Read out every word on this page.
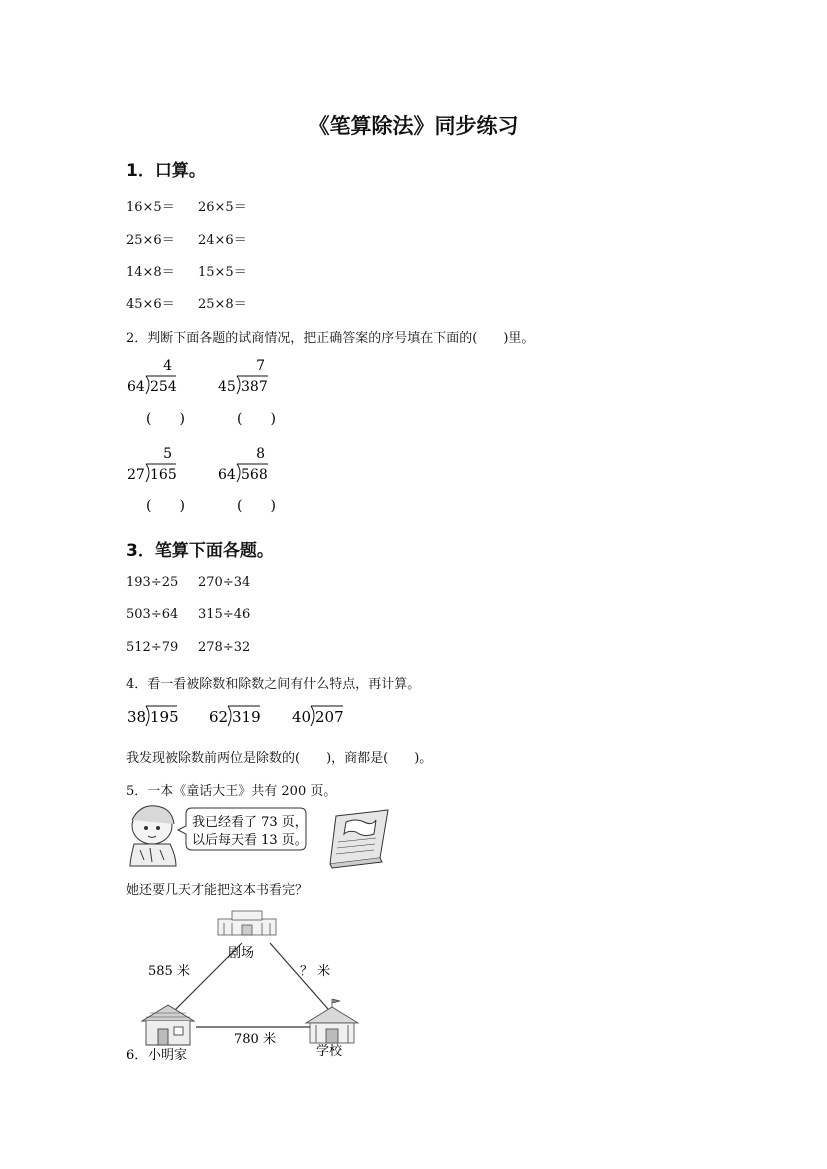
《笔算除法》同步练习
1．口算。
16×5＝ 26×5＝
25×6＝ 24×6＝
14×8＝ 15×5＝
45×6＝ 25×8＝
2．判断下面各题的试商情况，把正确答案的序号填在下面的(　　)里。
4
64 254
(　　)
7
45 387
(　　)
5
27 165
(　　)
8
64 568
(　　)
3．笔算下面各题。
193÷25 270÷34
503÷64 315÷46
512÷79 278÷32
4．看一看被除数和除数之间有什么特点，再计算。
38 195 62 319 40 207
我发现被除数前两位是除数的(　　)，商都是(　　)。
5．一本《童话大王》共有 200 页。
我已经看了 73 页，
以后每天看 13 页。
她还要几天才能把这本书看完？
剧场
585 米	？ 米
780 米
学校
6． 小明家
